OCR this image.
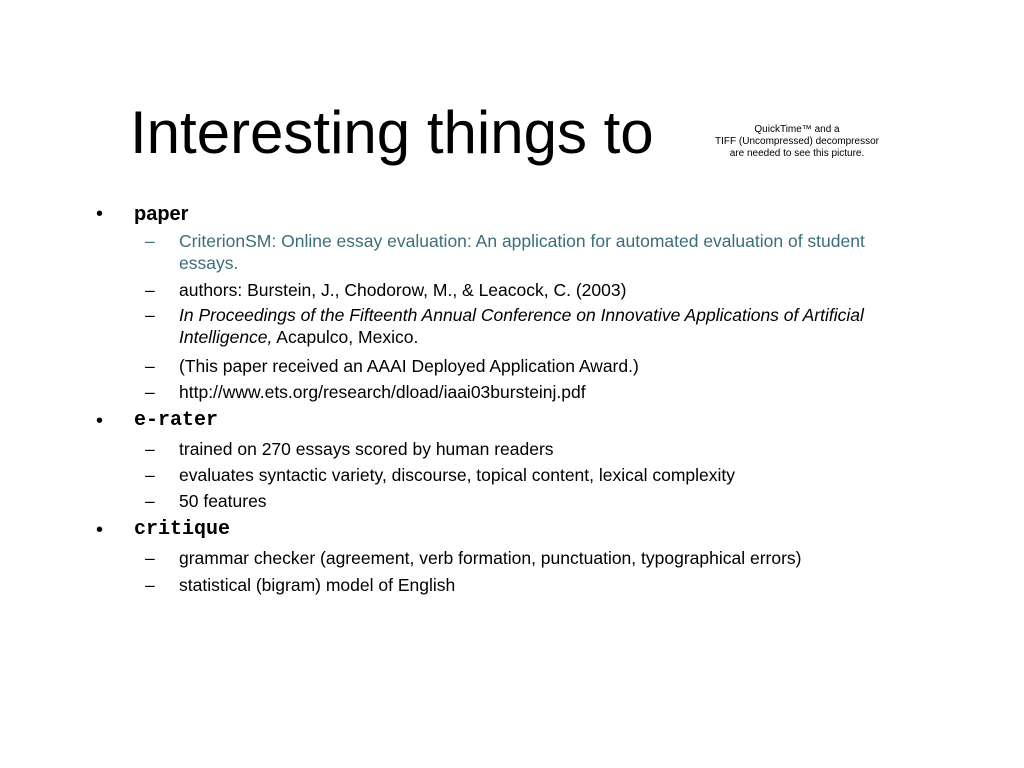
Interesting things to	QuickTime™ and a
TIFF (Uncompressed) decompressor
are needed to see this picture.
•	paper
–	CriterionSM: Online essay evaluation: An application for automated evaluation of student essays.
–	authors: Burstein, J., Chodorow, M., & Leacock, C. (2003)
–	In Proceedings of the Fifteenth Annual Conference on Innovative Applications of Artificial Intelligence, Acapulco, Mexico.
–	(This paper received an AAAI Deployed Application Award.)
–	http://www.ets.org/research/dload/iaai03bursteinj.pdf
•	e-rater
–	trained on 270 essays scored by human readers
–	evaluates syntactic variety, discourse, topical content, lexical complexity
–	50 features
•	critique
–	grammar checker (agreement, verb formation, punctuation, typographical errors)
–	statistical (bigram) model of English
